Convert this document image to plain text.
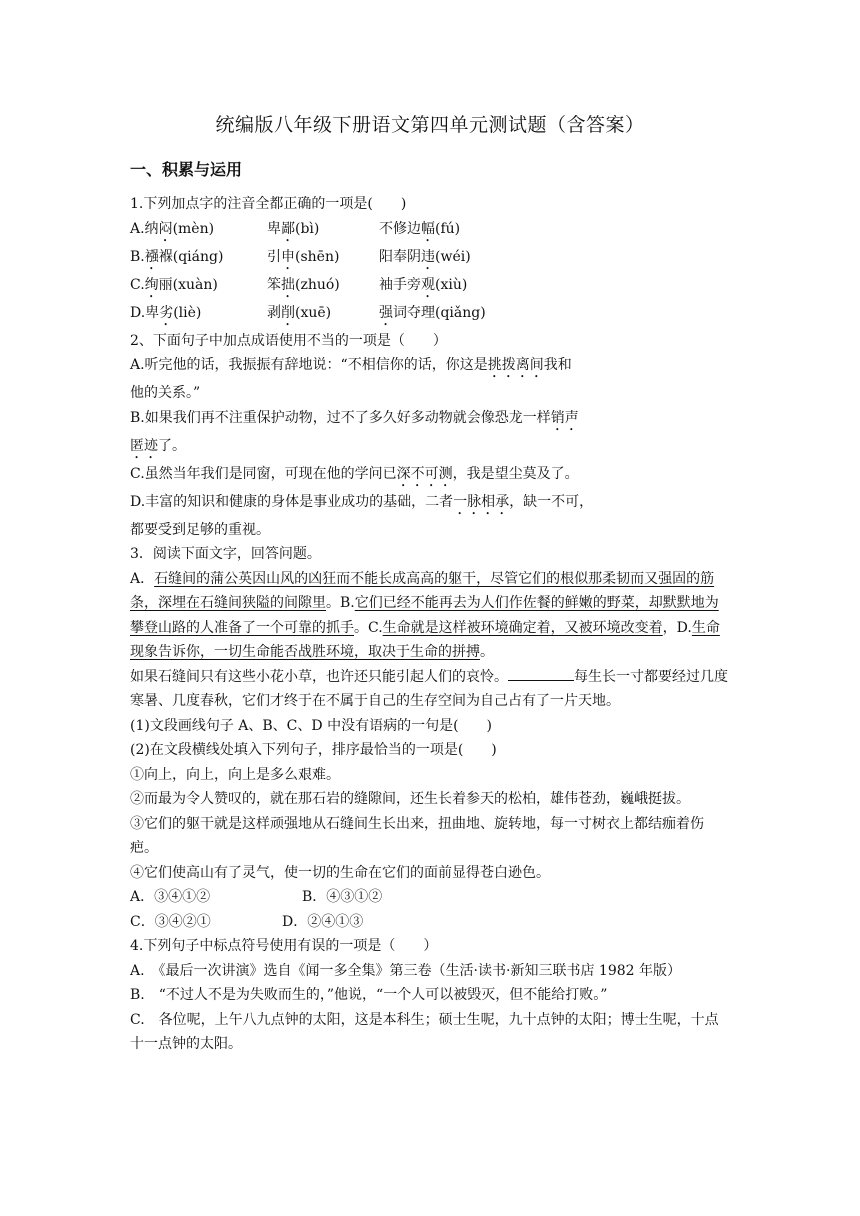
统编版八年级下册语文第四单元测试题（含答案）
一、积累与运用
1.下列加点字的注音全都正确的一项是(　　)
A.纳闷(mèn)	卑鄙(bì)	不修边幅(fú)
B.襁褓(qiáng)	引申(shēn)	阳奉阴违(wéi)
C.绚丽(xuàn)	笨拙(zhuó)	袖手旁观(xiù)
D.卑劣(liè)	剥削(xuē)	强词夺理(qiǎng)
2、下面句子中加点成语使用不当的一项是（　　）
A.听完他的话，我振振有辞地说：“不相信你的话，你这是挑拨离间我和
他的关系。”
B.如果我们再不注重保护动物，过不了多久好多动物就会像恐龙一样销声
匿迹了。
C.虽然当年我们是同窗，可现在他的学问已深不可测，我是望尘莫及了。
D.丰富的知识和健康的身体是事业成功的基础，二者一脉相承，缺一不可，
都要受到足够的重视。
3．阅读下面文字，回答问题。
A．石缝间的蒲公英因山风的凶狂而不能长成高高的躯干，尽管它们的根似那柔韧而又强固的筋条，深埋在石缝间狭隘的间隙里。B.它们已经不能再去为人们作佐餐的鲜嫩的野菜，却默默地为攀登山路的人准备了一个可靠的抓手。C.生命就是这样被环境确定着，又被环境改变着，D.生命现象告诉你，一切生命能否战胜环境，取决于生命的拼搏。
如果石缝间只有这些小花小草，也许还只能引起人们的哀怜。	每生长一寸都要经过几度寒暑、几度春秋，它们才终于在不属于自己的生存空间为自己占有了一片天地。
(1)文段画线句子 A、B、C、D 中没有语病的一句是(　　)
(2)在文段横线处填入下列句子，排序最恰当的一项是(　　)
①向上，向上，向上是多么艰难。
②而最为令人赞叹的，就在那石岩的缝隙间，还生长着参天的松柏，雄伟苍劲，巍峨挺拔。
③它们的躯干就是这样顽强地从石缝间生长出来，扭曲地、旋转地，每一寸树衣上都结痂着伤疤。
④它们使高山有了灵气，使一切的生命在它们的面前显得苍白逊色。
A．③④①②	B．④③①②
C．③④②①	D．②④①③
4.下列句子中标点符号使用有误的一项是（　　）
A.　《最后一次讲演》选自《闻一多全集》第三卷（生活·读书·新知三联书店 1982 年版）
B.　“不过人不是为失败而生的，”他说，“一个人可以被毁灭，但不能给打败。”
C.　各位呢，上午八九点钟的太阳，这是本科生；硕士生呢，九十点钟的太阳；博士生呢，十点十一点钟的太阳。
